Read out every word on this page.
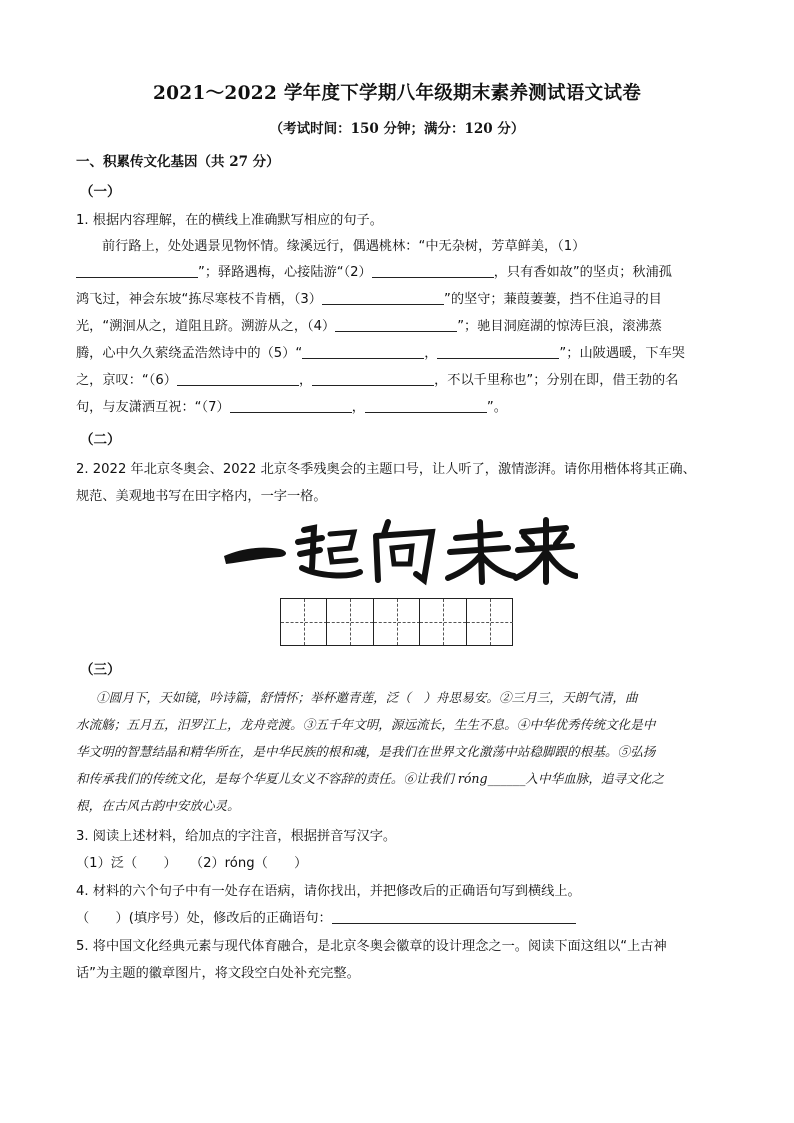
2021～2022 学年度下学期八年级期末素养测试语文试卷
（考试时间：150 分钟；满分：120 分）
一、积累传文化基因（共 27 分）
（一）
1. 根据内容理解，在的横线上准确默写相应的句子。
前行路上，处处遇景见物怀情。缘溪远行，偶遇桃林：“中无杂树，芳草鲜美，（1）
”；驿路遇梅，心接陆游“（2）	，只有香如故”的坚贞；秋浦孤
鸿飞过，神会东坡“拣尽寒枝不肯栖，（3）	”的坚守；蒹葭萋萋，挡不住追寻的目
光，“溯洄从之，道阻且跻。溯游从之，（4）	”；驰目洞庭湖的惊涛巨浪，滚沸蒸
腾，心中久久萦绕孟浩然诗中的（5）“	，	”；山陂遇暖，下车哭
之，京叹：“（6）	，	，不以千里称也”；分别在即，借王勃的名
句，与友潇洒互祝：“（7）	，	”。
（二）
2. 2022 年北京冬奥会、2022 北京冬季残奥会的主题口号，让人听了，激情澎湃。请你用楷体将其正确、
规范、美观地书写在田字格内，一字一格。
（三）
①圆月下，天如镜，吟诗篇，舒情怀；举杯邀青莲，泛（　）舟思易安。②三月三，天朗气清，曲
水流觞；五月五，汨罗江上，龙舟竞渡。③五千年文明，源远流长，生生不息。④中华优秀传统文化是中
华文明的智慧结晶和精华所在，是中华民族的根和魂，是我们在世界文化激荡中站稳脚跟的根基。⑤弘扬
和传承我们的传统文化，是每个华夏儿女义不容辞的责任。⑥让我们 róng______入中华血脉，追寻文化之
根，在古风古韵中安放心灵。
3. 阅读上述材料，给加点的字注音，根据拼音写汉字。
（1）泛（　　）　　（2）róng（　　）
4. 材料的六个句子中有一处存在语病，请你找出，并把修改后的正确语句写到横线上。
（　　）(填序号）处，修改后的正确语句：
5. 将中国文化经典元素与现代体育融合，是北京冬奥会徽章的设计理念之一。阅读下面这组以“上古神
话”为主题的徽章图片，将文段空白处补充完整。
